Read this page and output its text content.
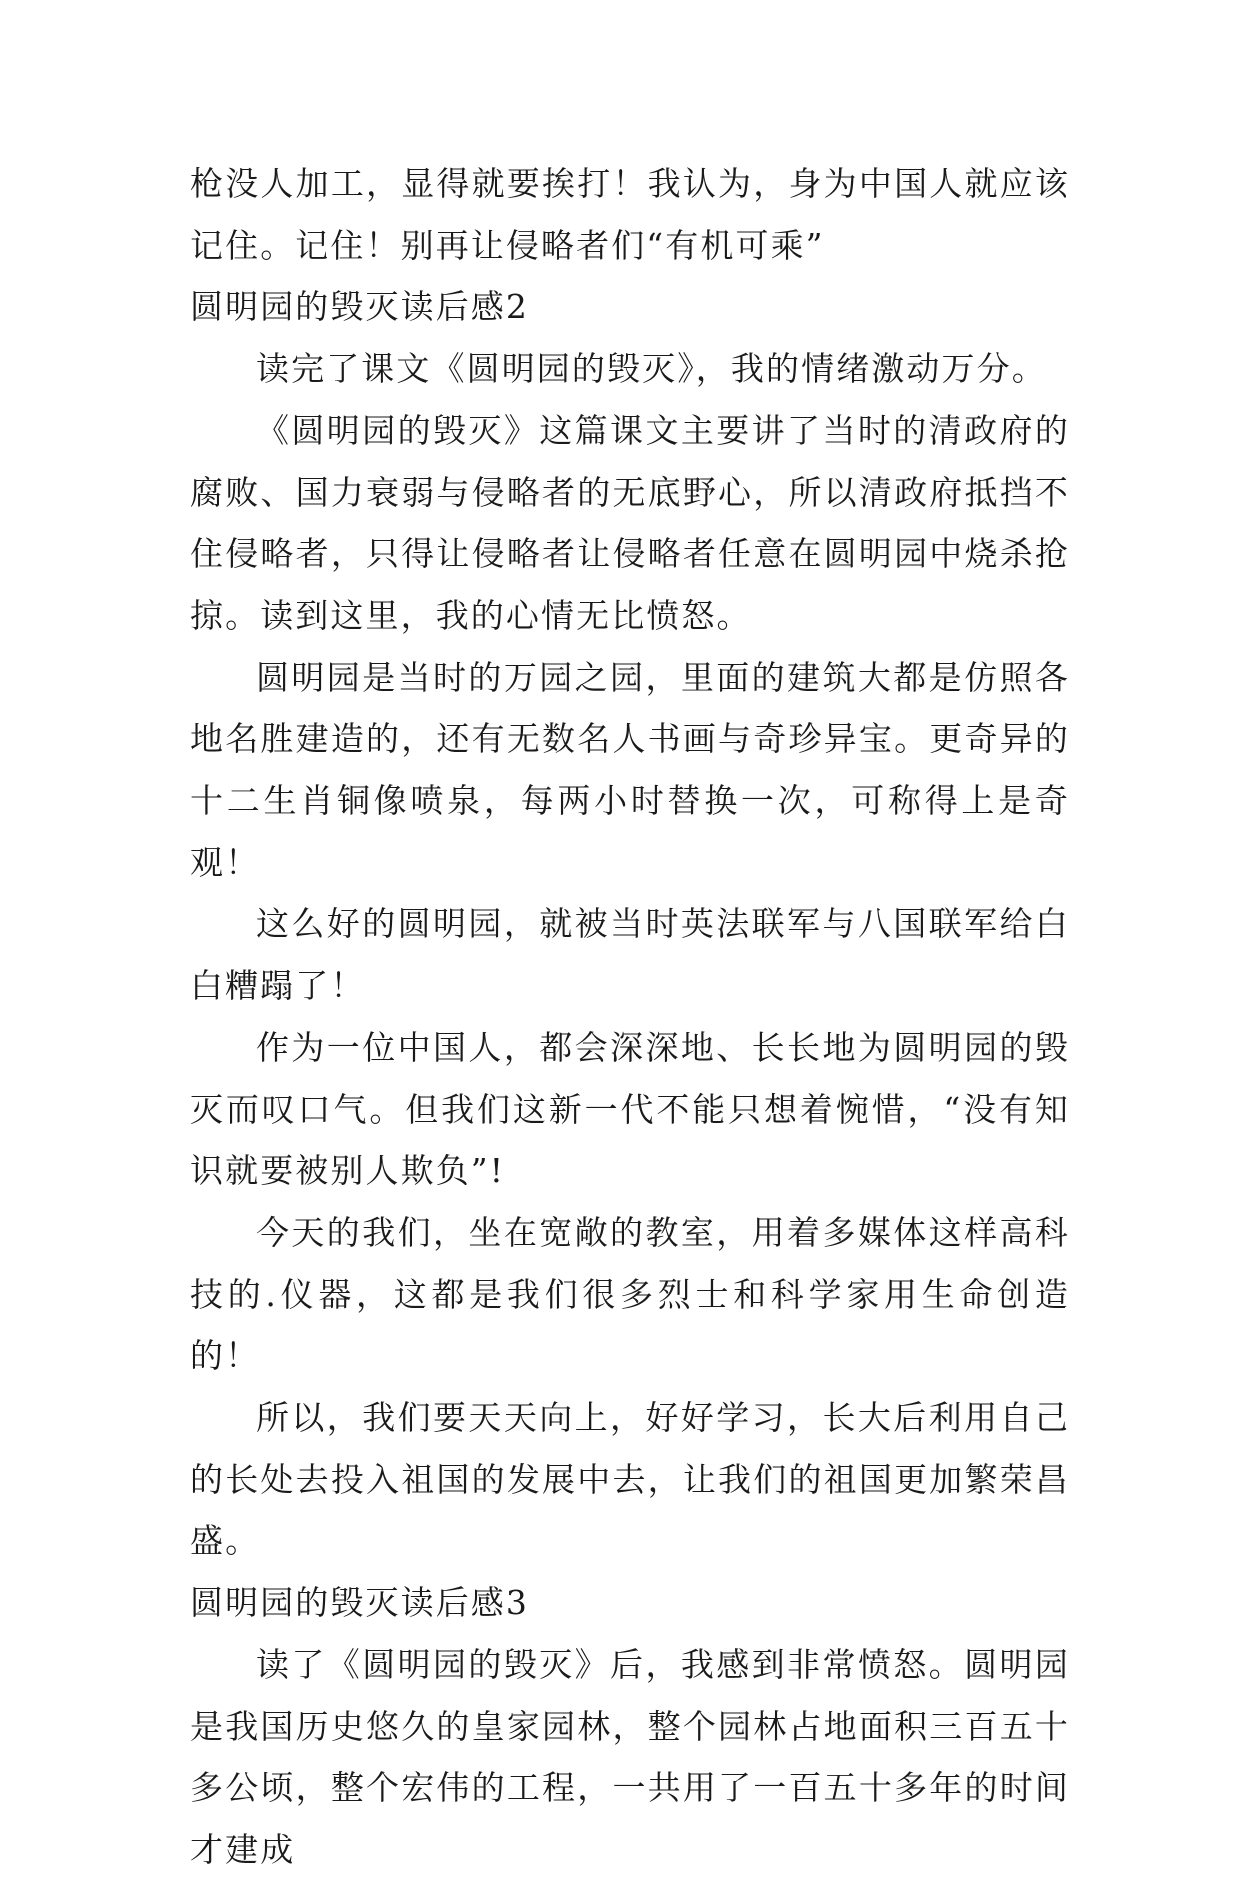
枪没人加工，显得就要挨打！我认为，身为中国人就应该记住。记住！别再让侵略者们“有机可乘”

圆明园的毁灭读后感2

读完了课文《圆明园的毁灭》，我的情绪激动万分。

《圆明园的毁灭》这篇课文主要讲了当时的清政府的腐败、国力衰弱与侵略者的无底野心，所以清政府抵挡不住侵略者，只得让侵略者让侵略者任意在圆明园中烧杀抢掠。读到这里，我的心情无比愤怒。

圆明园是当时的万园之园，里面的建筑大都是仿照各地名胜建造的，还有无数名人书画与奇珍异宝。更奇异的十二生肖铜像喷泉，每两小时替换一次，可称得上是奇观！

这么好的圆明园，就被当时英法联军与八国联军给白白糟蹋了！

作为一位中国人，都会深深地、长长地为圆明园的毁灭而叹口气。但我们这新一代不能只想着惋惜，“没有知识就要被别人欺负”!

今天的我们，坐在宽敞的教室，用着多媒体这样高科技的.仪器，这都是我们很多烈士和科学家用生命创造的！

所以，我们要天天向上，好好学习，长大后利用自己的长处去投入祖国的发展中去，让我们的祖国更加繁荣昌盛。

圆明园的毁灭读后感3

读了《圆明园的毁灭》后，我感到非常愤怒。圆明园是我国历史悠久的皇家园林，整个园林占地面积三百五十多公顷，整个宏伟的工程，一共用了一百五十多年的时间才建成
